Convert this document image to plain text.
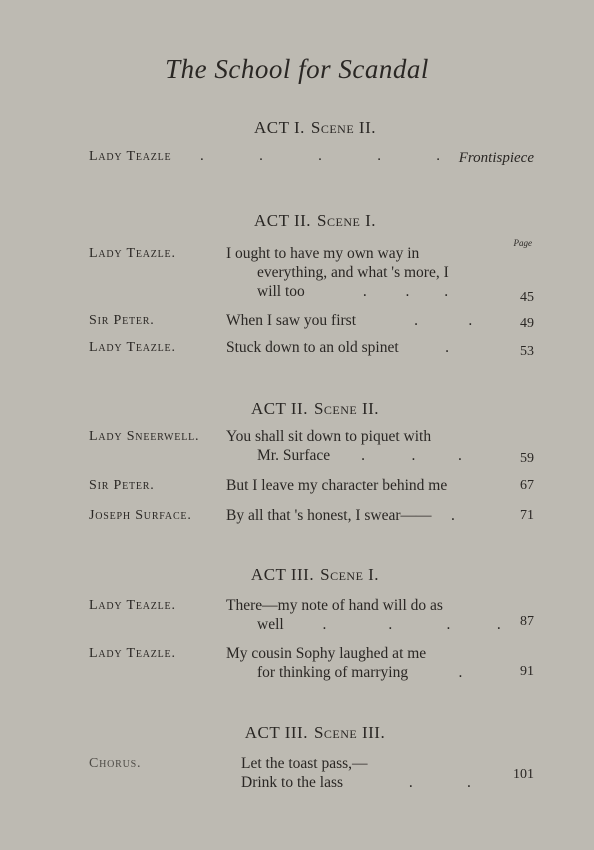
The School for Scandal
ACT I. Scene II.
Lady Teazle .	.	.	.	. Frontispiece
ACT II. Scene I.
Page
Lady Teazle.	I ought to have my own way in
everything, and what 's more, I
will too               .          .         .	45
Sir Peter.	When I saw you first               .             .	49
Lady Teazle.	Stuck down to an old spinet            .	53
ACT II. Scene II.
Lady Sneerwell. You shall sit down to piquet with
Mr. Surface        .            .           .	59
Sir Peter.	But I leave my character behind me	67
Joseph Surface. By all that 's honest, I swear——     .	71
ACT III. Scene I.
Lady Teazle.	There—my note of hand will do as
well          .                .              .            . 87
Lady Teazle.	My cousin Sophy laughed at me
for thinking of marrying             .	91
ACT III. Scene III.
Chorus.	Let the toast pass,—
Drink to the lass                 .              .	101
